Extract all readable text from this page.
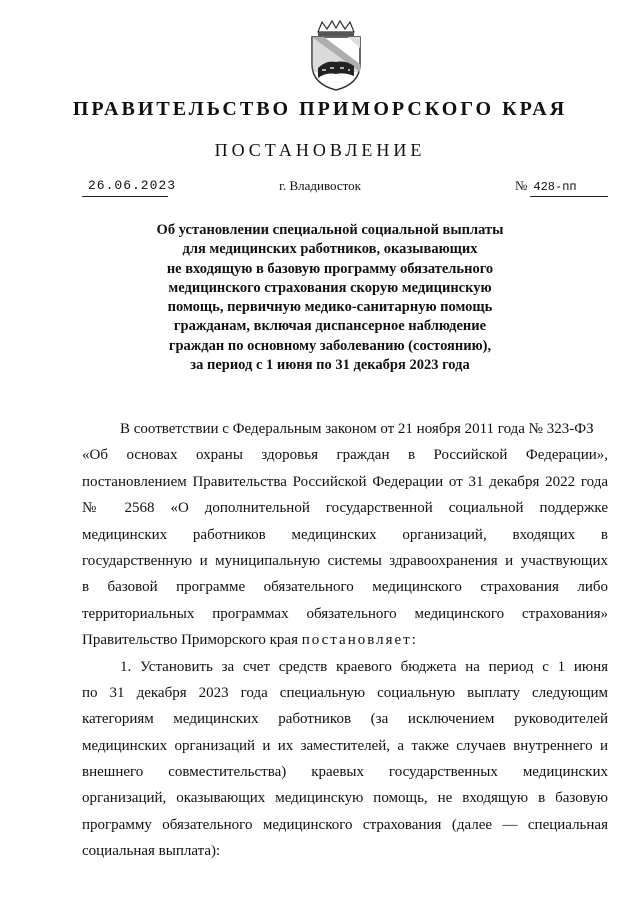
ПРАВИТЕЛЬСТВО ПРИМОРСКОГО КРАЯ
ПОСТАНОВЛЕНИЕ
26.06.2023	г. Владивосток	№ 428-пп
Об установлении специальной социальной выплаты
для медицинских работников, оказывающих
не входящую в базовую программу обязательного
медицинского страхования скорую медицинскую
помощь, первичную медико-санитарную помощь
гражданам, включая диспансерное наблюдение
граждан по основному заболеванию (состоянию),
за период с 1 июня по 31 декабря 2023 года
В соответствии с Федеральным законом от 21 ноября 2011 года № 323-ФЗ
«Об основах охраны здоровья граждан в Российской Федерации»,
постановлением Правительства Российской Федерации от 31 декабря 2022 года
№ 2568 «О дополнительной государственной социальной поддержке
медицинских работников медицинских организаций, входящих в
государственную и муниципальную системы здравоохранения и участвующих
в базовой программе обязательного медицинского страхования либо
территориальных программах обязательного медицинского страхования»
Правительство Приморского края постановляет:
1. Установить за счет средств краевого бюджета на период с 1 июня
по 31 декабря 2023 года специальную социальную выплату следующим
категориям медицинских работников (за исключением руководителей
медицинских организаций и их заместителей, а также случаев внутреннего и
внешнего совместительства) краевых государственных медицинских
организаций, оказывающих медицинскую помощь, не входящую в базовую
программу обязательного медицинского страхования (далее — специальная
социальная выплата):
